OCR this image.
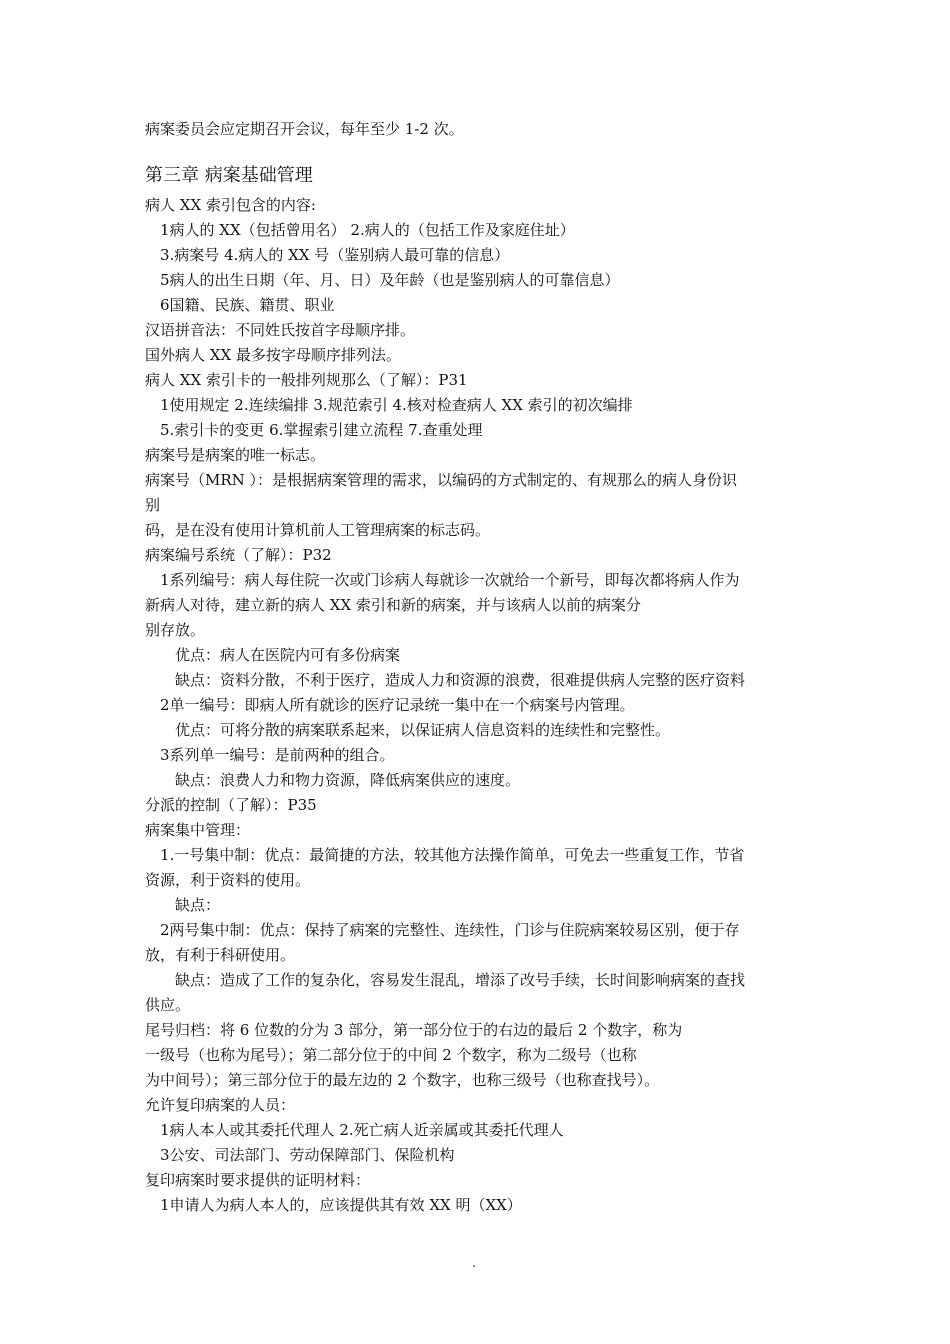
病案委员会应定期召开会议，每年至少 1-2 次。
第三章 病案基础管理
病人 XX 索引包含的内容:
1病人的 XX（包括曾用名） 2.病人的（包括工作及家庭住址）
3.病案号 4.病人的 XX 号（鉴别病人最可靠的信息）
5病人的出生日期（年、月、日）及年龄（也是鉴别病人的可靠信息）
6国籍、民族、籍贯、职业
汉语拼音法：不同姓氏按首字母顺序排。
国外病人 XX 最多按字母顺序排列法。
病人 XX 索引卡的一般排列规那么（了解）：P31
1使用规定 2.连续编排 3.规范索引 4.核对检查病人 XX 索引的初次编排
5.索引卡的变更 6.掌握索引建立流程 7.查重处理
病案号是病案的唯一标志。
病案号（MRN ）：是根据病案管理的需求，以编码的方式制定的、有规那么的病人身份识
别
码，是在没有使用计算机前人工管理病案的标志码。
病案编号系统（了解）：P32
1系列编号：病人每住院一次或门诊病人每就诊一次就给一个新号，即每次都将病人作为
新病人对待，建立新的病人 XX 索引和新的病案，并与该病人以前的病案分
别存放。
优点：病人在医院内可有多份病案
缺点：资料分散，不利于医疗，造成人力和资源的浪费，很难提供病人完整的医疗资料
2单一编号：即病人所有就诊的医疗记录统一集中在一个病案号内管理。
优点：可将分散的病案联系起来，以保证病人信息资料的连续性和完整性。
3系列单一编号：是前两种的组合。
缺点：浪费人力和物力资源，降低病案供应的速度。
分派的控制（了解）：P35
病案集中管理：
1.一号集中制：优点：最简捷的方法，较其他方法操作简单，可免去一些重复工作，节省
资源，利于资料的使用。
缺点：
2两号集中制：优点：保持了病案的完整性、连续性，门诊与住院病案较易区别，便于存
放，有利于科研使用。
缺点：造成了工作的复杂化，容易发生混乱，增添了改号手续，长时间影响病案的查找
供应。
尾号归档：将 6 位数的分为 3 部分，第一部分位于的右边的最后 2 个数字，称为
一级号（也称为尾号）；第二部分位于的中间 2 个数字，称为二级号（也称
为中间号）；第三部分位于的最左边的 2 个数字，也称三级号（也称查找号）。
允许复印病案的人员：
1病人本人或其委托代理人 2.死亡病人近亲属或其委托代理人
3公安、司法部门、劳动保障部门、保险机构
复印病案时要求提供的证明材料：
1申请人为病人本人的，应该提供其有效 XX 明（XX）
.
